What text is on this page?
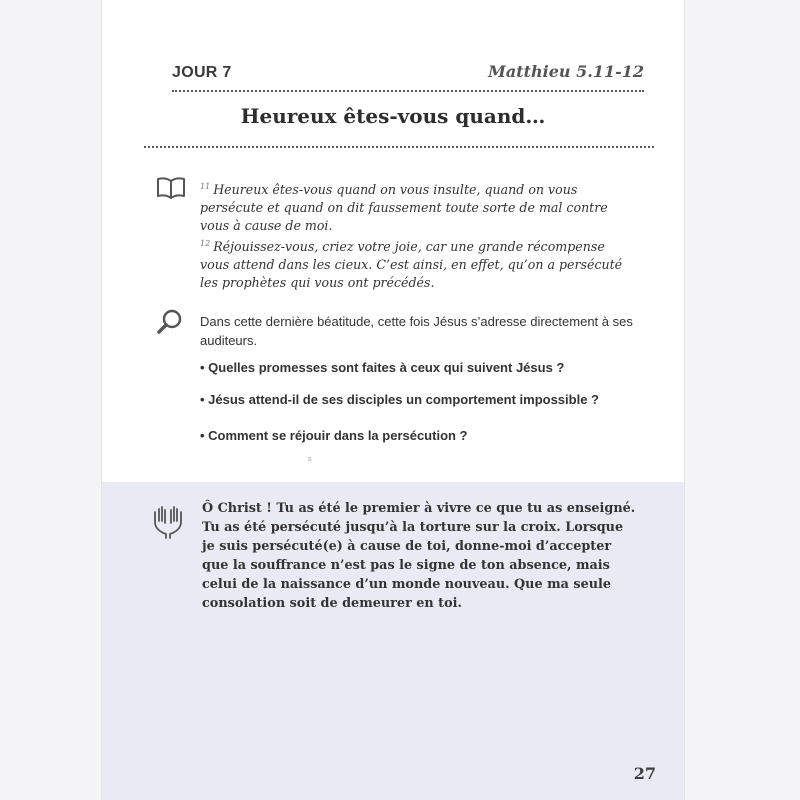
JOUR 7	Matthieu 5.11-12
Heureux êtes-vous quand…

$^{11}$ Heureux êtes-vous quand on vous insulte, quand on vous persécute et quand on dit faussement toute sorte de mal contre vous à cause de moi.

$^{12}$ Réjouissez-vous, criez votre joie, car une grande récompense vous attend dans les cieux. C’est ainsi, en effet, qu’on a persécuté les prophètes qui vous ont précédés.

Dans cette dernière béatitude, cette fois Jésus s’adresse directement à ses auditeurs.
• Quelles promesses sont faites à ceux qui suivent Jésus ?
• Jésus attend-il de ses disciples un comportement impossible ?
• Comment se réjouir dans la persécution ?
s
Ô Christ ! Tu as été le premier à vivre ce que tu as enseigné. Tu as été persécuté jusqu’à la torture sur la croix. Lorsque je suis persécuté(e) à cause de toi, donne-moi d’accepter que la souffrance n’est pas le signe de ton absence, mais celui de la naissance d’un monde nouveau. Que ma seule consolation soit de demeurer en toi.
27
